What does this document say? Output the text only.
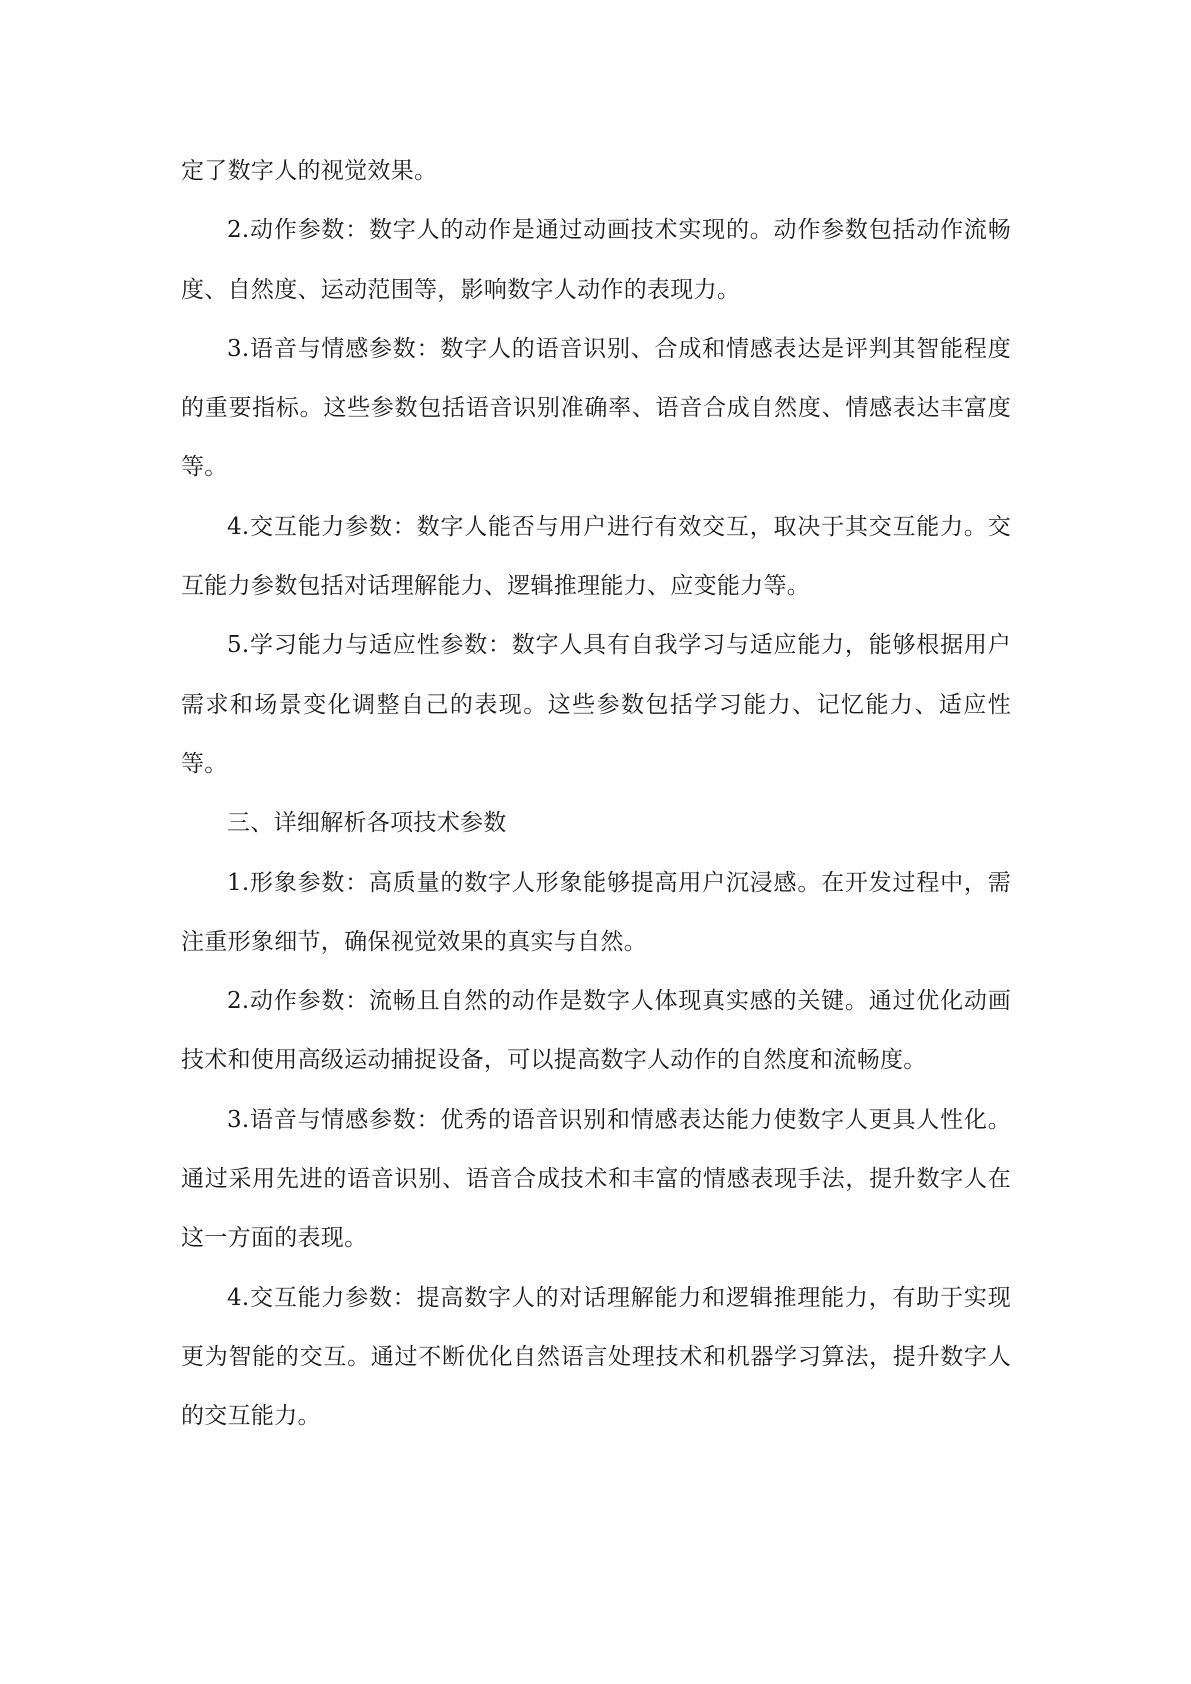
定了数字人的视觉效果。

2.动作参数：数字人的动作是通过动画技术实现的。动作参数包括动作流畅度、自然度、运动范围等，影响数字人动作的表现力。

3.语音与情感参数：数字人的语音识别、合成和情感表达是评判其智能程度的重要指标。这些参数包括语音识别准确率、语音合成自然度、情感表达丰富度等。

4.交互能力参数：数字人能否与用户进行有效交互，取决于其交互能力。交互能力参数包括对话理解能力、逻辑推理能力、应变能力等。

5.学习能力与适应性参数：数字人具有自我学习与适应能力，能够根据用户需求和场景变化调整自己的表现。这些参数包括学习能力、记忆能力、适应性等。

三、详细解析各项技术参数

1.形象参数：高质量的数字人形象能够提高用户沉浸感。在开发过程中，需注重形象细节，确保视觉效果的真实与自然。

2.动作参数：流畅且自然的动作是数字人体现真实感的关键。通过优化动画技术和使用高级运动捕捉设备，可以提高数字人动作的自然度和流畅度。

3.语音与情感参数：优秀的语音识别和情感表达能力使数字人更具人性化。通过采用先进的语音识别、语音合成技术和丰富的情感表现手法，提升数字人在这一方面的表现。

4.交互能力参数：提高数字人的对话理解能力和逻辑推理能力，有助于实现更为智能的交互。通过不断优化自然语言处理技术和机器学习算法，提升数字人的交互能力。
